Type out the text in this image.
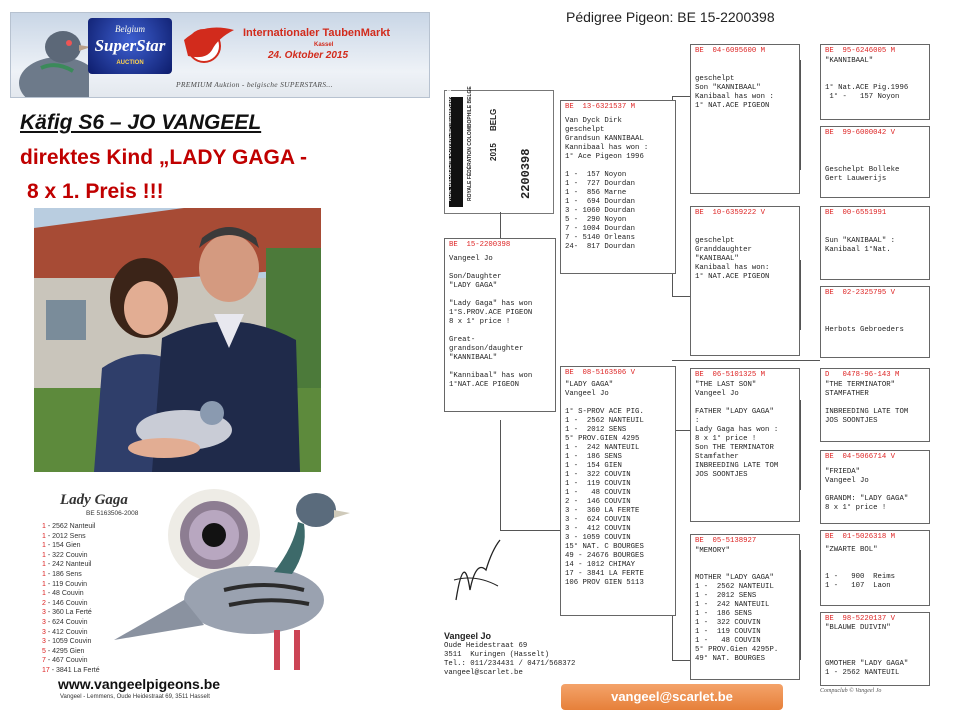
Belgium
SuperStar
AUCTION
Internationaler TaubenMarkt
Kassel
24. Oktober 2015
PREMIUM Auktion - belgische SUPERSTARS...
Käfig S6 – JO VANGEEL
direktes Kind „LADY GAGA -
8 x 1. Preis !!!
Lady Gaga
BE 5163506-2008
1 - 2562 Nanteuil
1 - 2012 Sens
1 - 154 Gien
1 - 322 Couvin
1 - 242 Nanteuil
1 - 186 Sens
1 - 119 Couvin
1 - 48 Couvin
2 - 146 Couvin
3 - 360 La Ferté
3 - 624 Couvin
3 - 412 Couvin
3 - 1059 Couvin
5 - 4295 Gien
7 - 467 Couvin
17 - 3841 La Ferté
www.vangeelpigeons.be
Vangeel - Lemmens, Oude Heidestraat 69, 3511 Hasselt
Pédigree Pigeon: BE 15-2200398
KON. BELGISCHE DUIVENLIEFHEBBERSBOND	ROYALE FÉDÉRATION COLOMBOPHILE BELGE 2015
BELG
2200398
BE  15-2200398
Vangeel Jo

Son/Daughter
"LADY GAGA"

"Lady Gaga" has won
1°S.PROV.ACE PIGEON
8 x 1° price !

Great-
grandson/daughter
"KANNIBAAL"

"Kannibaal" has won
1°NAT.ACE PIGEON
BE  13-6321537 M
Van Dyck Dirk
geschelpt
Grandsun KANNIBAAL
Kannibaal has won :
1° Ace Pigeon 1996

1 -  157 Noyon
1 -  727 Dourdan
1 -  856 Marne
1 -  694 Dourdan
3 - 1060 Dourdan
5 -  290 Noyon
7 - 1004 Dourdan
7 - 5140 Orleans
24-  817 Dourdan
BE  08-5163506 V
"LADY GAGA"
Vangeel Jo

1° S-PROV ACE PIG.
1 -  2562 NANTEUIL
1 -  2012 SENS
5° PROV.GIEN 4295
1 -  242 NANTEUIL
1 -  186 SENS
1 -  154 GIEN
1 -  322 COUVIN
1 -  119 COUVIN
1 -   48 COUVIN
2 -  146 COUVIN
3 -  360 LA FERTE
3 -  624 COUVIN
3 -  412 COUVIN
3 - 1059 COUVIN
15° NAT. C BOURGES
49 - 24676 BOURGES
14 - 1012 CHIMAY
17 - 3841 LA FERTE
106 PROV GIEN 5113
BE  04-6095600 M
geschelpt
Son "KANNIBAAL"
Kanibaal has won :
1° NAT.ACE PIGEON
BE  10-6359222 V
geschelpt
Granddaughter
"KANIBAAL"
Kanibaal has won:
1° NAT.ACE PIGEON
BE  06-5101325 M
"THE LAST SON"
Vangeel Jo

FATHER "LADY GAGA"
:
Lady Gaga has won :
8 x 1° price !
Son THE TERMINATOR
Stamfather
INBREEDING LATE TOM
JOS SOONTJES
BE  05-5138927
"MEMORY"

MOTHER "LADY GAGA"
1 -  2562 NANTEUIL
1 -  2012 SENS
1 -  242 NANTEUIL
1 -  186 SENS
1 -  322 COUVIN
1 -  119 COUVIN
1 -   48 COUVIN
5° PROV.Gien 4295P.
49° NAT. BOURGES
BE  95-6246005 M
"KANNIBAAL"

1° Nat.ACE Pig.1996
1° -   157 Noyon
BE  99-6000042 V

Geschelpt Bolleke
Gert Lauwerijs
BE  00-6551991

Sun "KANIBAAL" :
Kanibaal 1°Nat.
BE  02-2325795 V

Herbots Gebroeders
D   0478-96-143 M
"THE TERMINATOR"
STAMFATHER

INBREEDING LATE TOM
JOS SOONTJES
BE  04-5066714 V

"FRIEDA"
Vangeel Jo

GRANDM: "LADY GAGA"
8 x 1° price !
BE  01-5026318 M

"ZWARTE BOL"

1 -   900  Reims
1 -   107  Laon
BE  98-5220137 V

"BLAUWE DUIVIN"

GMOTHER "LADY GAGA"
1 - 2562 NANTEUIL
Vangeel Jo
Oude Heidestraat 69
3511  Kuringen (Hasselt)
Tel.: 011/234431 / 0471/568372
vangeel@scarlet.be
vangeel@scarlet.be	Compuclub © Vangeel Jo
